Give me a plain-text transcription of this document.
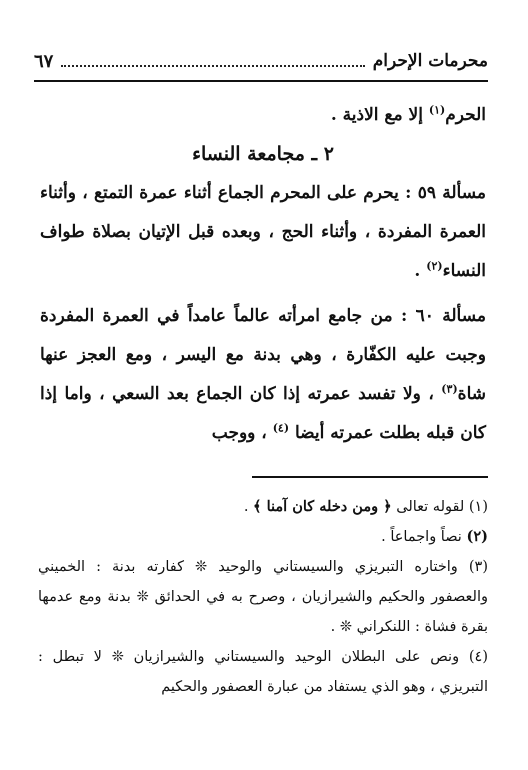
محرمات الإحرام
٦٧

الحرم$^{(١)}$ إلا مع الاذية .

٢ ـ مجامعة النساء

مسألة ٥٩ : يحرم على المحرم الجماع أثناء عمرة التمتع ، وأثناء العمرة المفردة ، وأثناء الحج ، وبعده قبل الإتيان بصلاة طواف النساء$^{(٢)}$ .

مسألة ٦٠ : من جامع امرأته عالماً عامداً في العمرة المفردة وجبت عليه الكفّارة ، وهي بدنة مع اليسر ، ومع العجز عنها شاة$^{(٣)}$ ، ولا تفسد عمرته إذا كان الجماع بعد السعي ، واما إذا كان قبله بطلت عمرته أيضا $^{(٤)}$ ، ووجب

(١) لقوله تعالى ﴿ ومن دخله كان آمنا ﴾ .

(٢) نصاً واجماعاً .

(٣) واختاره التبريزي والسيستاني والوحيد ❊ كفارته بدنة : الخميني والعصفور والحكيم والشيرازيان ، وصرح به في الحدائق ❊ بدنة ومع عدمها بقرة فشاة : اللنكراني ❊ .

(٤) ونص على البطلان الوحيد والسيستاني والشيرازيان ❊ لا تبطل : التبريزي ، وهو الذي يستفاد من عبارة العصفور والحكيم
